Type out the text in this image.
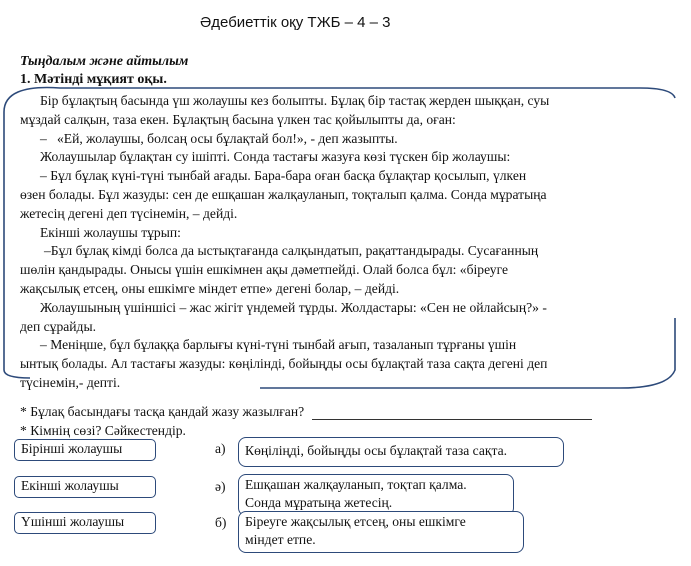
Әдебиеттік оқу ТЖБ – 4 – 3
Тыңдалым және айтылым
1. Мәтінді мұқият оқы.

Бір бұлақтың басында үш жолаушы кез болыпты. Бұлақ бір тастақ жерден шыққан, суы

мұздай салқын, таза екен. Бұлақтың басына үлкен тас қойылыпты да, оған:

–   «Ей, жолаушы, болсаң осы бұлақтай бол!», - деп жазыпты.

Жолаушылар бұлақтан су ішіпті. Сонда тастағы жазуға көзі түскен бір жолаушы:

– Бұл бұлақ күні-түні тынбай ағады. Бара-бара оған басқа бұлақтар қосылып, үлкен

өзен болады. Бұл жазуды: сен де ешқашан жалқауланып, тоқталып қалма. Сонда мұратыңа

жетесің дегені деп түсінемін, – дейді.

Екінші жолаушы тұрып:

–Бұл бұлақ кімді болса да ыстықтағанда салқындатып, рақаттандырады. Сусағанның

шөлін қандырады. Онысы үшін ешкімнен ақы дәметпейді. Олай болса бұл: «біреуге

жақсылық етсең, оны ешкімге міндет етпе» дегені болар, – дейді.

Жолаушының үшіншісі – жас жігіт үндемей тұрды. Жолдастары: «Сен не ойлайсың?» -

деп сұрайды.

– Меніңше, бұл бұлаққа барлығы күні-түні тынбай ағып, тазаланып тұрғаны үшін

ынтық болады. Ал тастағы жазуды: көңілінді, бойыңды осы бұлақтай таза сақта дегені деп

түсінемін,- депті.

* Бұлақ басындағы тасқа қандай жазу жазылған?
* Кімнің сөзі? Сәйкестендір.
Бірінші жолаушы
Екінші жолаушы
Үшінші жолаушы
а)
ә)
б)
Көңіліңді, бойыңды осы бұлақтай таза сақта.
Ешқашан жалқауланып, тоқтап қалма.
Сонда мұратыңа жетесің.
Біреуге жақсылық етсең, оны ешкімге
міндет етпе.
